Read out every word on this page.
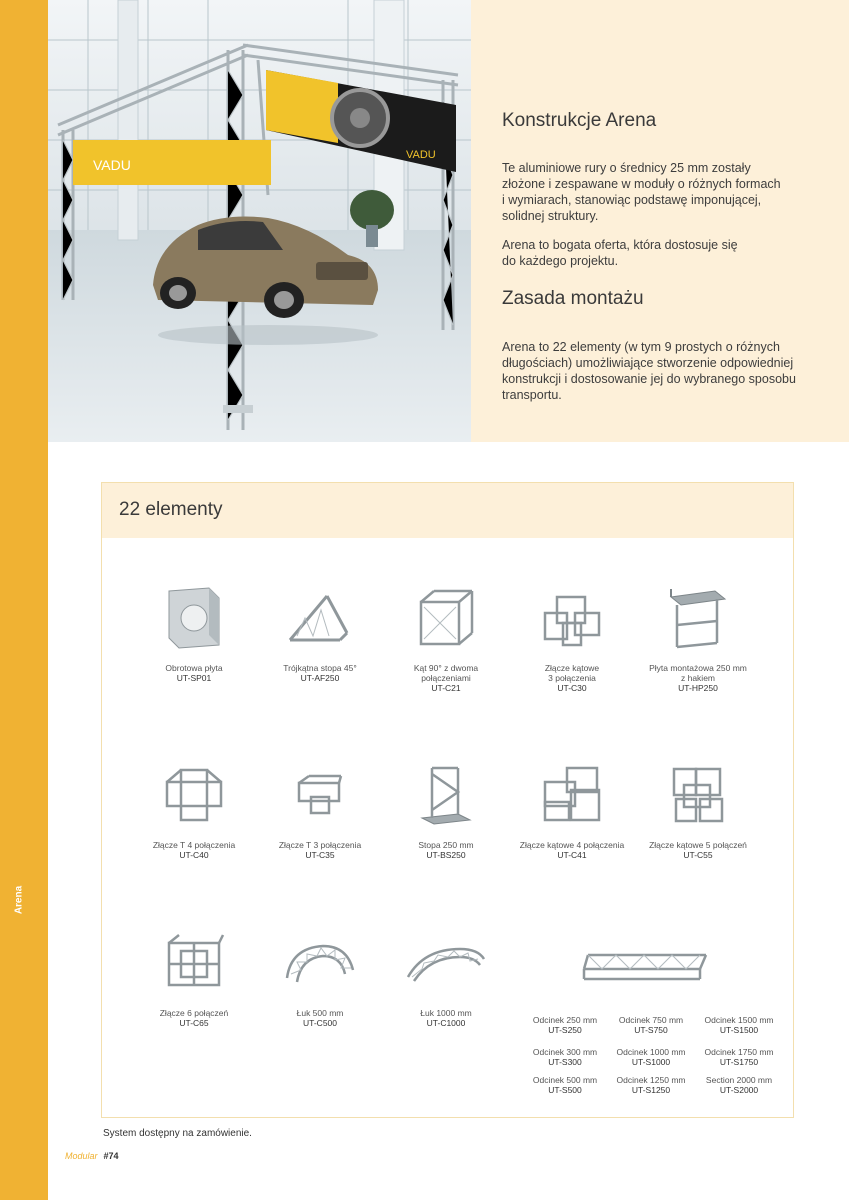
Arena
VADU
VADU
Konstrukcje Arena

Te aluminiowe rury o średnicy 25 mm zostały
złożone i zespawane w moduły o różnych formach
i wymiarach, stanowiąc podstawę imponującej,
solidnej struktury.

Arena to bogata oferta, która dostosuje się
do każdego projektu.

Zasada montażu

Arena to 22 elementy (w tym 9 prostych o różnych
długościach) umożliwiające stworzenie odpowiedniej
konstrukcji i dostosowanie jej do wybranego sposobu
transportu.

22 elementy
Obrotowa płyta
UT-SP01
Trójkątna stopa 45°
UT-AF250
Kąt 90° z dwoma
połączeniami
UT-C21
Złącze kątowe
3 połączenia
UT-C30
Płyta montażowa 250 mm
z hakiem
UT-HP250
Złącze T 4 połączenia
UT-C40
Złącze T 3 połączenia
UT-C35
Stopa 250 mm
UT-BS250
Złącze kątowe 4 połączenia
UT-C41
Złącze kątowe 5 połączeń
UT-C55
Złącze 6 połączeń
UT-C65
Łuk 500 mm
UT-C500
Łuk 1000 mm
UT-C1000	Odcinek 250 mm
UT-S250
Odcinek 750 mm
UT-S750
Odcinek 1500 mm
UT-S1500
Odcinek 300 mm
UT-S300
Odcinek 1000 mm
UT-S1000
Odcinek 1750 mm
UT-S1750
Odcinek 500 mm
UT-S500
Odcinek 1250 mm
UT-S1250
Section 2000 mm
UT-S2000
System dostępny na zamówienie.
Modular #74
